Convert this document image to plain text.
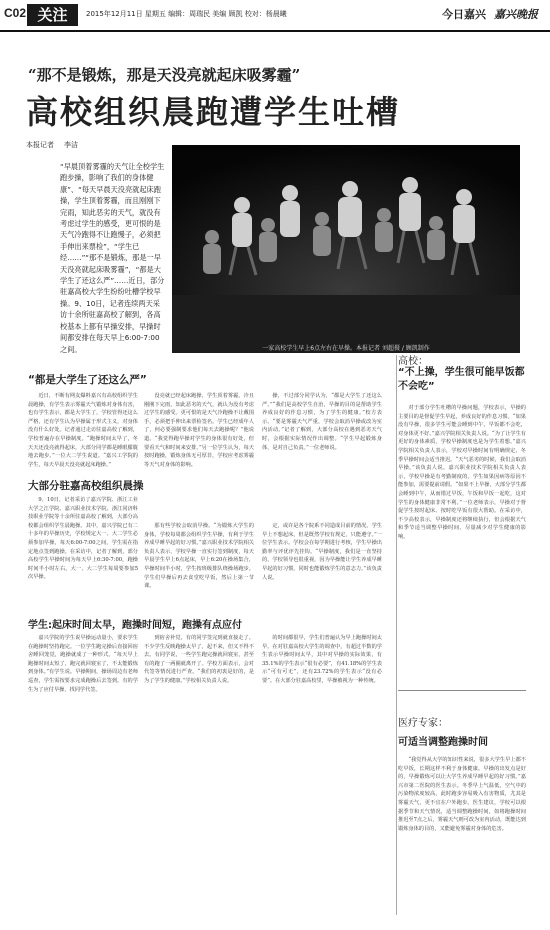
C02 关注	2015年12月11日 星期五 编辑：周瑞民 美编 顾凯 校对：杨晨曦	今日嘉兴 嘉兴晚报
“那不是锻炼，那是天没亮就起床吸雾霾”
高校组织晨跑遭学生吐槽
本报记者 李洁
“早晨顶着雾霾的天气让全校学生跑步操，影响了我们的身体健康”、“每天早晨天没亮就起床跑操，学生顶着雾霾，而且刚刚下完雨，知此恶劣的天气，就没有考虑过学生的感受，更可恨的是天气冷跑得不让跑慢子，必须把手伸出来票检”，“学生已经……”“那不是锻炼，那是一早天没亮就起床吸雾霾”，“都是大学生了还这么严”……近日，部分驻嘉高校大学生纷纷吐槽学校早操。9、10日，记者连续两天采访十余所驻嘉高校了解到，各高校基本上都有早操安排，早操时间都安排在每天早上6:00-7:00之间。	一家高校学生早上6点左右在早操。本报记者 刘超摄 / 顾凯制作
“都是大学生了还这么严”

近日，不断有网友爆料嘉兴有高校组织学生晨跑操，有学生表示雾霾天气锻炼对身体有害，也有学生表示，都是大学生了，学校管得还这么严格，还有学生认为早操属于形式主义，对身体没有什么好处。记者通过走访驻嘉高校了解到，学校普遍存在早操制度。“跑操时间太早了，冬天天还没亮就得起床，大部分同学都是睡眼朦胧地去跑步。”一位大二学生说道。“嘉兴工学院的学生，每天早晨天没亮就起床跑操。”

没亮就已经起床跑操，学生顶着雾霾，冷且刚刚下完雨，知此恶劣的天气，就认为没有考虑过学生的感受。更可恨的是天气冷跑操不让戴围手，必须把手伸出来票检签名。学生已经成年人了，何必要强制要求他们每天去跑操呢？”他说道。“我觉得跑早操对学生的身体很有好处，但要看天气和时间来安排。”另一位学生认为，每天按时跑操，锻炼身体无可厚非，学校应考虑雾霾等天气对身体的影响。

操，不过部分同学认为，“都是大学生了还这么严。”“我们是高校学生自治，早操的目的是帮助学生养成良好的作息习惯，为了学生的健康。”校方表示。“要是雾霾天气严重，学校会取消早操或改为室内活动。”记者了解到，大部分高校在遇到恶劣天气时，会根据实际情况作出调整。“学生早起锻炼身体，是对自己负责。”一位老师说。

大部分驻嘉高校组织晨操

9、10日，记者采访了嘉兴学院、浙江工业大学之江学院、嘉兴职业技术学院、浙江同济科技职业学院等十余所驻嘉高校了解到，大部分高校都会组织学生晨跑操。其中，嘉兴学院已有二十多年的早操历史，学校规定大一、大二学生必须参加早操，每天6:00-7:00之间，学生需在指定地点签到跑操。在采访中，记者了解到，部分高校学生早操时间为每天早上6:30-7:00，跑操时间半小时左右。大一、大二学生每周要参加5次早操。

那有些学校会取消早操。“为锻炼大学生的身体，学校每周都会组织学生早操，有利于学生养成早睡早起的好习惯。”嘉兴职业技术学院相关负责人表示，学校早操一直实行签到制度，每天早晨学生早上6点起床，早上6:20在操场集合，早操时间半小时，学生按班级排队绕操场跑步。学生们早操后再去食堂吃早饭，然后上第一节课。

定，或许是各个院系不同造成目前的情况。学生早上不想起床，但是既然学校有规定，只能遵守。”一位学生表示。学校会在每学期进行考核，学生早操出勤率与评优评先挂钩。“早操制度，我们是一直坚持的，学校领导也很重视，因为早操能让学生养成早睡早起的好习惯，同时也能锻炼学生的意志力。”该负责人说。

学生:起床时间太早，跑操时间短，跑操有点应付

嘉兴学院的学生说早操运动量小，要求学生在跑操时坚持跑完。一位学生跑完操后直接回宿舍睡回笼觉，跑操就成了一种形式。“每天早上跑操时间太短了，跑完就回寝室了，不太能锻炼到身体。”有学生说。早操期间，操场周边有老师巡查，学生需按要求完成跑操后去签到。有的学生为了应付早操，找同学代签。

到宿舍补觉，有的同学签完到就直接走了。不少学生反映跑操太早了，起不来，但又不得不去。有同学说，一些学生跑完操就回寝室，甚至有的跑了一两圈就离开了。学校方面表示，会对代签等情况进行严查。“我们的初衷是好的，是为了学生的健康。”学校相关负责人说。

的时间都很早，学生们普遍认为早上跑操时间太早。在对驻嘉高校大学生的调查中，有超过半数的学生表示早操时间太早，其中对早操的实际效果，有35.1%的学生表示“很有必要”，有41.18%的学生表示“可有可无”，还有23.72%的学生表示“没有必要”。在大部分驻嘉高校里，早操被视为一种传统。

高校：
“不上操，学生很可能早饭都不会吃”

对于部分学生吐槽的早操问题，学校表示，早操的主要目的是督促学生早起，养成良好的作息习惯。“如果没有早操，很多学生可能会睡到中午，早饭都不会吃，对身体更不好。”嘉兴学院相关负责人说。“为了让学生有更好的身体素质，学校早操制度也是为学生着想。”嘉兴学院相关负责人表示，学校对早操时间有明确规定，冬季早操时间会适当推迟。“天气恶劣的时候，我们会取消早操。”该负责人说。嘉兴职业技术学院相关负责人表示，学校早操是有考勤制度的，学生如果因病等原因不能参加，需要提前请假。“如果不上早操，大部分学生都会睡到中午，从而错过早饭，午饭和早饭一起吃，这对学生的身体健康非常不利。”一位老师表示，早操对于督促学生按时起床、按时吃早饭有很大帮助。在采访中，不少高校表示，早操制度还将继续执行，但会根据天气和季节适当调整早操时间，尽量减少对学生健康的影响。

医疗专家：
可适当调整跑操时间

“我觉得从大学的知识性来说，很多大学生早上都不吃早饭，长期这样不利于身体健康。早操的出发点是好的，早操锻炼可以让大学生养成早睡早起的好习惯。”嘉兴市第二医院的医生表示。冬季早上气温低，空气中的污染物浓度较高，此时跑步容易吸入有害物质，尤其是雾霾天气，更不宜在户外跑步。医生建议，学校可以根据季节和天气情况，适当调整跑操时间，如将跑操时间推迟至7点之后，雾霾天气则可改为室内活动，既能达到锻炼身体的目的，又能避免雾霾对身体的危害。
